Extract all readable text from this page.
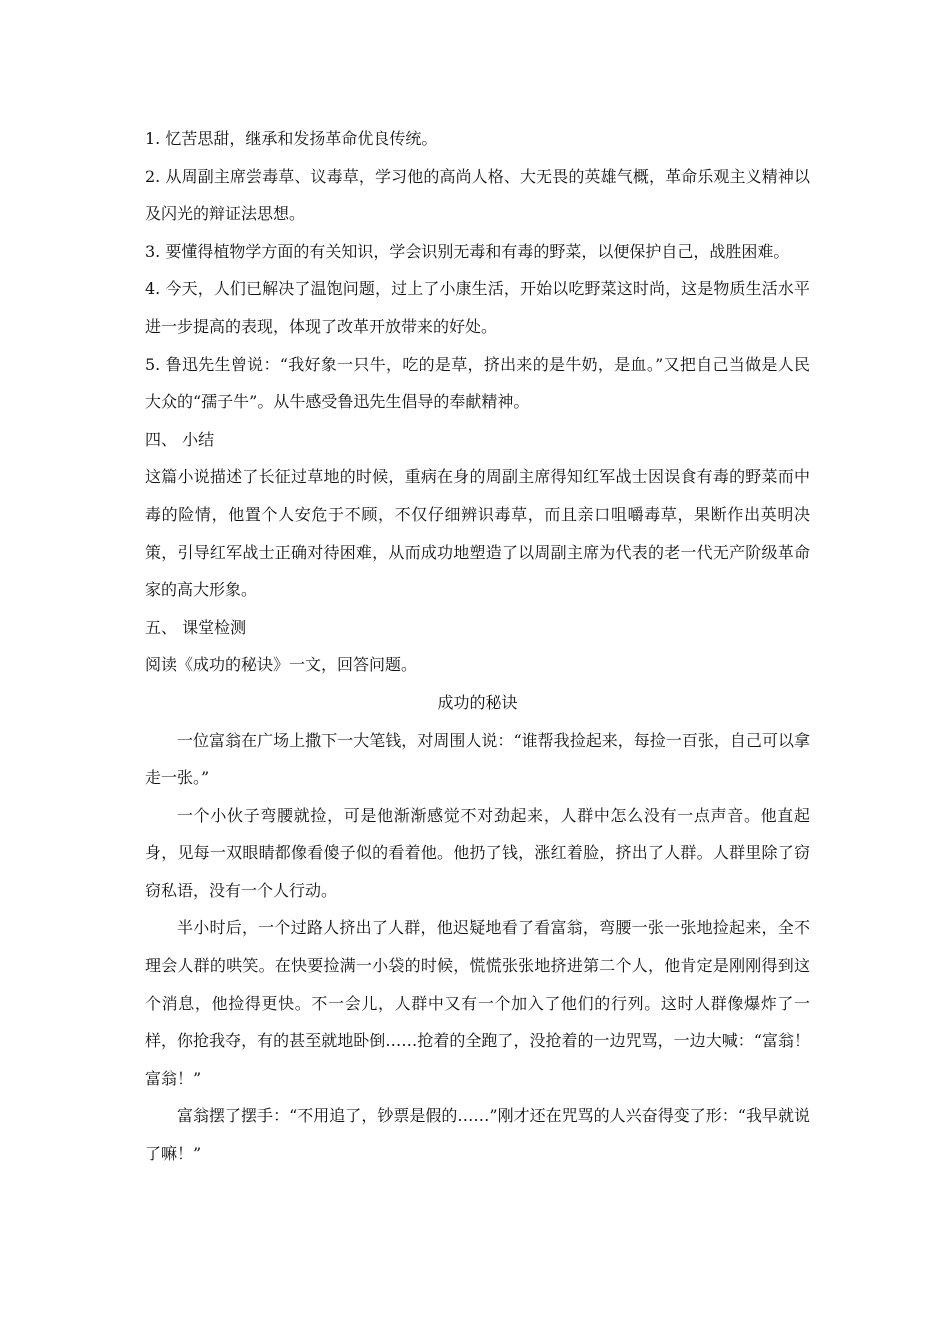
1. 忆苦思甜，继承和发扬革命优良传统。

2. 从周副主席尝毒草、议毒草，学习他的高尚人格、大无畏的英雄气概，革命乐观主义精神以及闪光的辩证法思想。

3. 要懂得植物学方面的有关知识，学会识别无毒和有毒的野菜，以便保护自己，战胜困难。

4. 今天，人们已解决了温饱问题，过上了小康生活，开始以吃野菜这时尚，这是物质生活水平进一步提高的表现，体现了改革开放带来的好处。

5. 鲁迅先生曾说：“我好象一只牛，吃的是草，挤出来的是牛奶，是血。”又把自己当做是人民大众的“孺子牛”。从牛感受鲁迅先生倡导的奉献精神。

四、 小结

这篇小说描述了长征过草地的时候，重病在身的周副主席得知红军战士因误食有毒的野菜而中毒的险情，他置个人安危于不顾，不仅仔细辨识毒草，而且亲口咀嚼毒草，果断作出英明决策，引导红军战士正确对待困难，从而成功地塑造了以周副主席为代表的老一代无产阶级革命家的高大形象。

五、 课堂检测

阅读《成功的秘诀》一文，回答问题。

成功的秘诀

一位富翁在广场上撒下一大笔钱，对周围人说：“谁帮我捡起来，每捡一百张，自己可以拿走一张。”

一个小伙子弯腰就捡，可是他渐渐感觉不对劲起来，人群中怎么没有一点声音。他直起身，见每一双眼睛都像看傻子似的看着他。他扔了钱，涨红着脸，挤出了人群。人群里除了窃窃私语，没有一个人行动。

半小时后，一个过路人挤出了人群，他迟疑地看了看富翁，弯腰一张一张地捡起来，全不理会人群的哄笑。在快要捡满一小袋的时候，慌慌张张地挤进第二个人，他肯定是刚刚得到这个消息，他捡得更快。不一会儿，人群中又有一个加入了他们的行列。这时人群像爆炸了一样，你抢我夺，有的甚至就地卧倒……抢着的全跑了，没抢着的一边咒骂，一边大喊：“富翁！富翁！”

富翁摆了摆手：“不用追了，钞票是假的……”刚才还在咒骂的人兴奋得变了形：“我早就说了嘛！”
